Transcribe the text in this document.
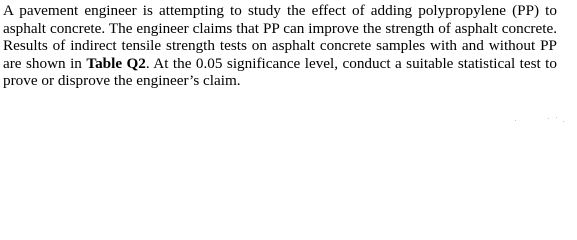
A pavement engineer is attempting to study the effect of adding polypropylene (PP) to asphalt concrete. The engineer claims that PP can improve the strength of asphalt concrete. Results of indirect tensile strength tests on asphalt concrete samples with and without PP are shown in Table Q2. At the 0.05 significance level, conduct a suitable statistical test to prove or disprove the engineer’s claim.
